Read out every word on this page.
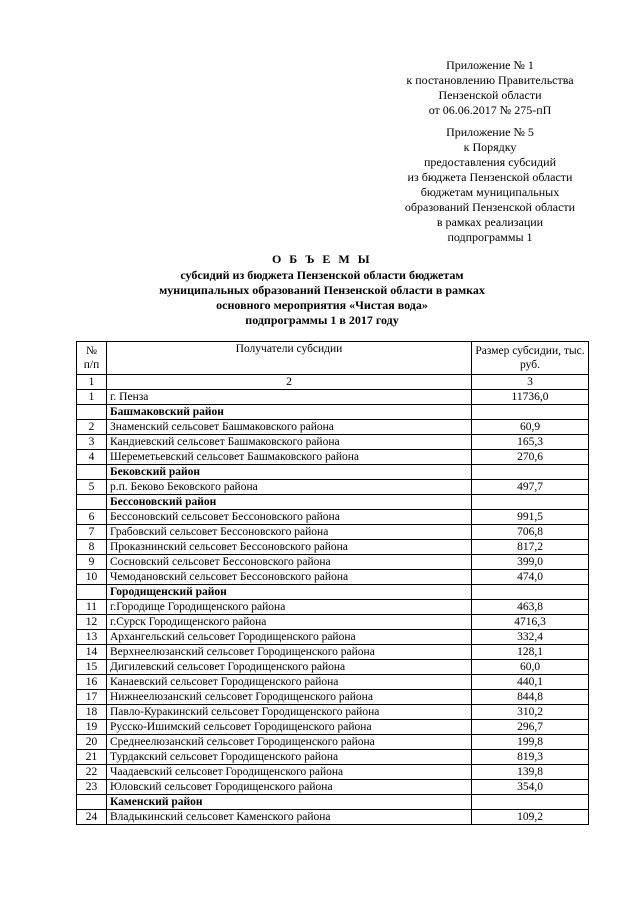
Приложение № 1
к постановлению Правительства
Пензенской области
от 06.06.2017 № 275-пП
Приложение № 5
к Порядку
предоставления субсидий
из бюджета Пензенской области
бюджетам муниципальных
образований Пензенской области
в рамках реализации
подпрограммы 1
О Б Ъ Е М Ы
субсидий из бюджета Пензенской области бюджетам
муниципальных образований Пензенской области в рамках
основного мероприятия «Чистая вода»
подпрограммы 1 в 2017 году
№ п/п	Получатели субсидии	Размер субсидии, тыс. руб.
1	2	3
1	г. Пенза	11736,0
	Башмаковский район	
2	Знаменский сельсовет Башмаковского района	60,9
3	Кандиевский сельсовет Башмаковского района	165,3
4	Шереметьевский сельсовет Башмаковского района	270,6
	Бековский район	
5	р.п. Беково Бековского района	497,7
	Бессоновский район	
6	Бессоновский сельсовет Бессоновского района	991,5
7	Грабовский сельсовет Бессоновского района	706,8
8	Проказнинский сельсовет Бессоновского района	817,2
9	Сосновский сельсовет Бессоновского района	399,0
10	Чемодановский сельсовет Бессоновского района	474,0
	Городищенский район	
11	г.Городище Городищенского района	463,8
12	г.Сурск Городищенского района	4716,3
13	Архангельский сельсовет Городищенского района	332,4
14	Верхнеелюзанский сельсовет Городищенского района	128,1
15	Дигилевский сельсовет Городищенского района	60,0
16	Канаевский сельсовет Городищенского района	440,1
17	Нижнеелюзанский сельсовет Городищенского района	844,8
18	Павло-Куракинский сельсовет Городищенского района	310,2
19	Русско-Ишимский сельсовет Городищенского района	296,7
20	Среднеелюзанский сельсовет Городищенского района	199,8
21	Турдакский сельсовет Городищенского района	819,3
22	Чаадаевский сельсовет Городищенского района	139,8
23	Юловский сельсовет Городищенского района	354,0
	Каменский район	
24	Владыкинский сельсовет Каменского района	109,2
